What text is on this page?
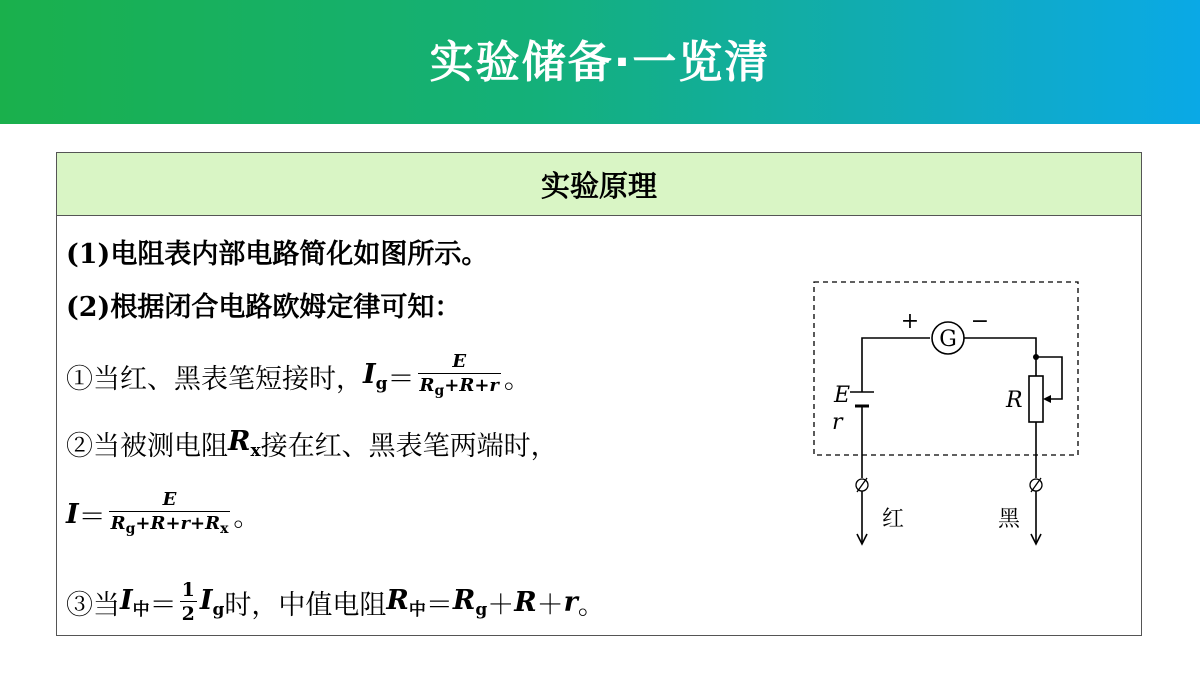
实验储备·一览清
实验原理
(1)电阻表内部电路简化如图所示。
(2)根据闭合电路欧姆定律可知：
①当红、黑表笔短接时， $I_g = \frac{E}{R_g+R+r}$ 。
②当被测电阻 $R_x$ 接在红、黑表笔两端时，
$I = \frac{E}{R_g+R+r+R_x}$ 。
③当 $I_中 = \frac{1}{2} I_g$ 时，中值电阻 $R_中 = R_g + R + r$ 。
G
+ −
E
r
R
红	黑
